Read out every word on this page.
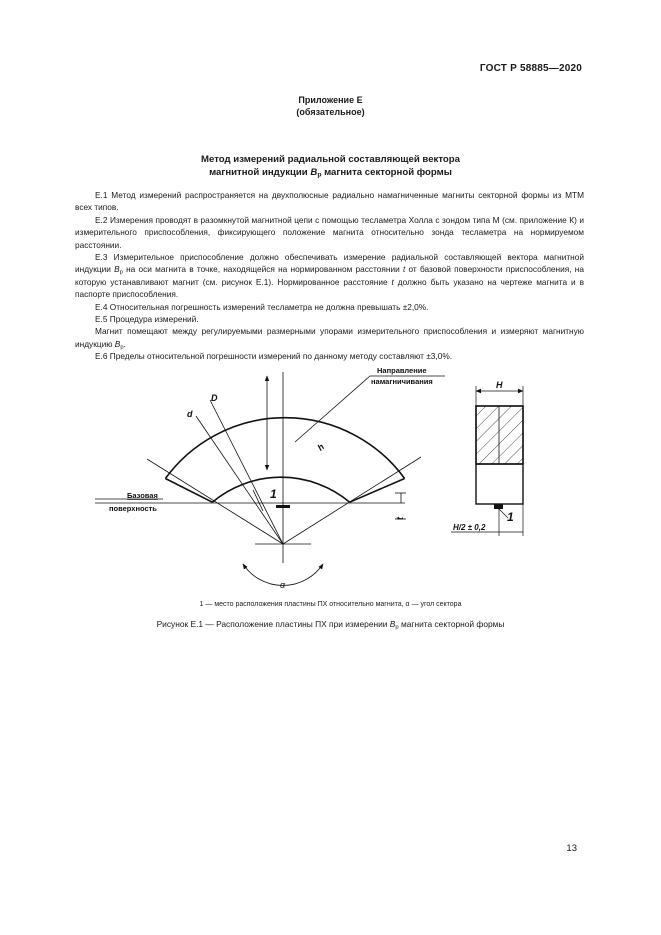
ГОСТ Р 58885—2020
Приложение Е
(обязательное)
Метод измерений радиальной составляющей вектора
магнитной индукции $B_р$ магнита секторной формы

Е.1 Метод измерений распространяется на двухполюсные радиально намагниченные магниты секторной формы из МТМ всех типов.

Е.2 Измерения проводят в разомкнутой магнитной цепи с помощью тесламетра Холла с зондом типа М (см. приложение К) и измерительного приспособления, фиксирующего положение магнита относительно зонда тесламетра на нормируемом расстоянии.

Е.3 Измерительное приспособление должно обеспечивать измерение радиальной составляющей вектора магнитной индукции $B_р$ на оси магнита в точке, находящейся на нормированном расстоянии t от базовой поверхности приспособления, на которую устанавливают магнит (см. рисунок Е.1). Нормированное расстояние t должно быть указано на чертеже магнита и в паспорте приспособления.

Е.4 Относительная погрешность измерений тесламетра не должна превышать ±2,0%.

Е.5 Процедура измерений.

Магнит помещают между регулируемыми размерными упорами измерительного приспособления и измеряют магнитную индукцию $B_р$.

Е.6 Пределы относительной погрешности измерений по данному методу составляют ±3,0%.

D
d
h
1
t
α
H
1
H/2 ± 0,2
Базовая
поверхность
Направление
намагничивания
1 — место расположения пластины ПХ относительно магнита, α — угол сектора
Рисунок Е.1 — Расположение пластины ПХ при измерении $B_р$ магнита секторной формы
13
